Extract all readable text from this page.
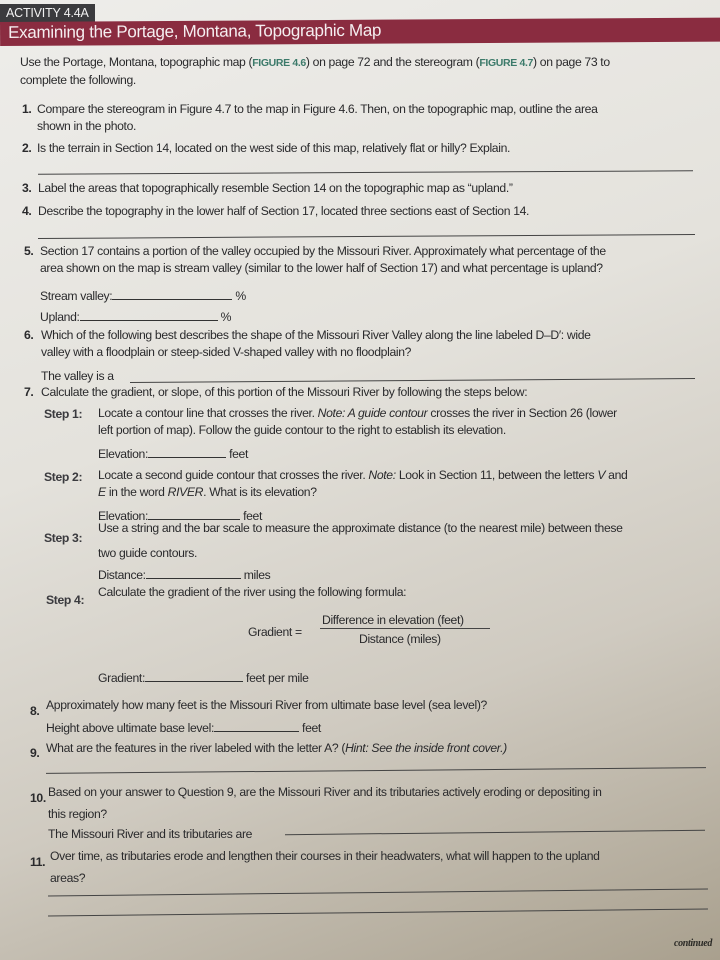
ACTIVITY 4.4A
Examining the Portage, Montana, Topographic Map
Use the Portage, Montana, topographic map (FIGURE 4.6) on page 72 and the stereogram (FIGURE 4.7) on page 73 to
complete the following.
1. Compare the stereogram in Figure 4.7 to the map in Figure 4.6. Then, on the topographic map, outline the area
shown in the photo.
2. Is the terrain in Section 14, located on the west side of this map, relatively flat or hilly? Explain.
3. Label the areas that topographically resemble Section 14 on the topographic map as “upland.”
4. Describe the topography in the lower half of Section 17, located three sections east of Section 14.
5. Section 17 contains a portion of the valley occupied by the Missouri River. Approximately what percentage of the
area shown on the map is stream valley (similar to the lower half of Section 17) and what percentage is upland?
Stream valley:	%
Upland:	%
6. Which of the following best describes the shape of the Missouri River Valley along the line labeled D–D′: wide
valley with a floodplain or steep-sided V-shaped valley with no floodplain?
The valley is a
7. Calculate the gradient, or slope, of this portion of the Missouri River by following the steps below:
Step 1: Locate a contour line that crosses the river. Note: A guide contour crosses the river in Section 26 (lower
left portion of map). Follow the guide contour to the right to establish its elevation.
Elevation:	feet
Step 2: Locate a second guide contour that crosses the river. Note: Look in Section 11, between the letters V and
E in the word RIVER. What is its elevation?
Elevation:	feet
Step 3:
Use a string and the bar scale to measure the approximate distance (to the nearest mile) between these
two guide contours.
Distance:	miles
Step 4:
Calculate the gradient of the river using the following formula:
Gradient =
Difference in elevation (feet)
Distance (miles)
Gradient:	feet per mile
8. Approximately how many feet is the Missouri River from ultimate base level (sea level)?
Height above ultimate base level:	feet
9. What are the features in the river labeled with the letter A? (Hint: See the inside front cover.)
10. Based on your answer to Question 9, are the Missouri River and its tributaries actively eroding or depositing in
this region?
The Missouri River and its tributaries are
11. Over time, as tributaries erode and lengthen their courses in their headwaters, what will happen to the upland
areas?
continued
